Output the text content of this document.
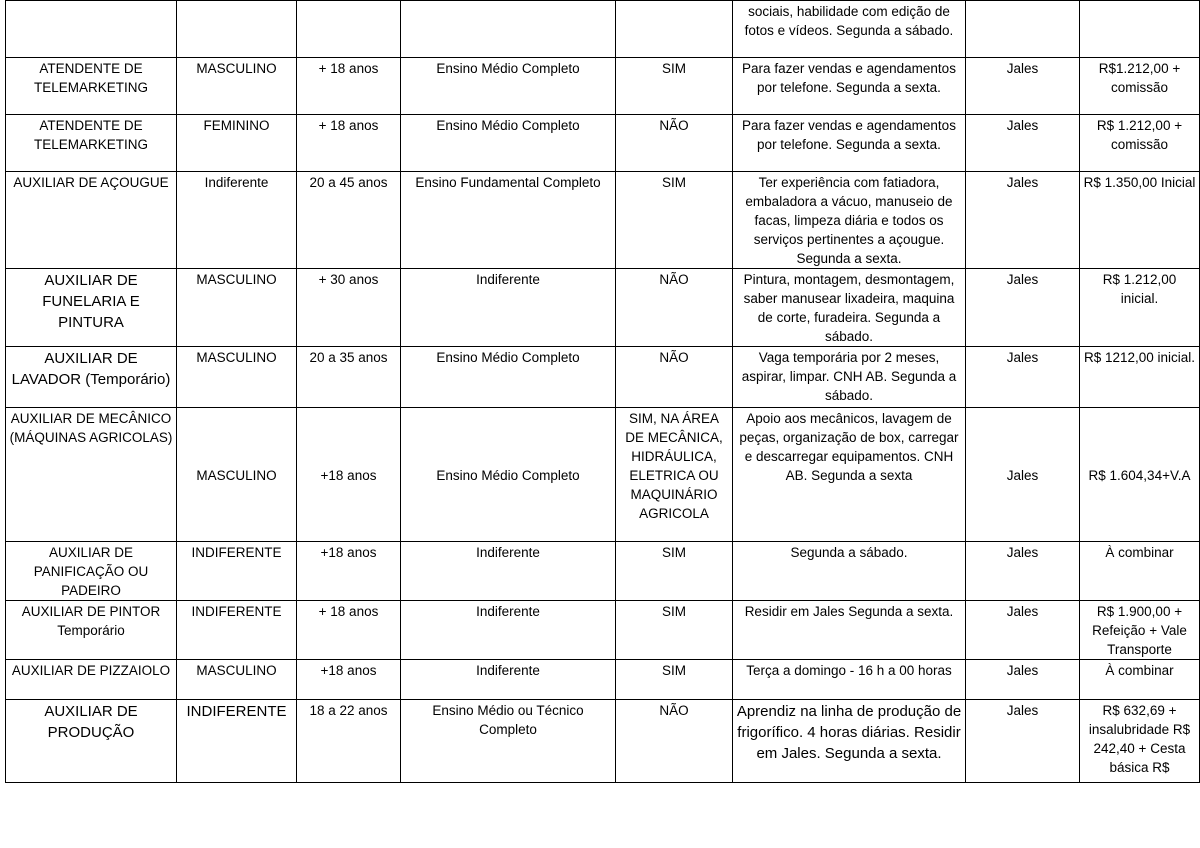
					sociais, habilidade com edição de fotos e vídeos. Segunda a sábado.		
ATENDENTE DE TELEMARKETING	MASCULINO	+ 18 anos	Ensino Médio Completo	SIM	Para fazer vendas e agendamentos por telefone. Segunda a sexta.	Jales	R$1.212,00 + comissão
ATENDENTE DE TELEMARKETING	FEMININO	+ 18 anos	Ensino Médio Completo	NÃO	Para fazer vendas e agendamentos por telefone. Segunda a sexta.	Jales	R$ 1.212,00 + comissão
AUXILIAR DE AÇOUGUE	Indiferente	20 a 45 anos	Ensino Fundamental Completo	SIM	Ter experiência com fatiadora, embaladora a vácuo, manuseio de facas, limpeza diária e todos os serviços pertinentes a açougue. Segunda a sexta.	Jales	R$ 1.350,00 Inicial
AUXILIAR DE FUNELARIA E PINTURA	MASCULINO	+ 30 anos	Indiferente	NÃO	Pintura, montagem, desmontagem, saber manusear lixadeira, maquina de corte, furadeira. Segunda a sábado.	Jales	R$ 1.212,00 inicial.
AUXILIAR DE LAVADOR (Temporário)	MASCULINO	20 a 35 anos	Ensino Médio Completo	NÃO	Vaga temporária por 2 meses, aspirar, limpar. CNH AB. Segunda a sábado.	Jales	R$ 1212,00 inicial.
AUXILIAR DE MECÂNICO (MÁQUINAS AGRICOLAS)	MASCULINO	+18 anos	Ensino Médio Completo	SIM, NA ÁREA DE MECÂNICA, HIDRÁULICA, ELETRICA OU MAQUINÁRIO AGRICOLA	Apoio aos mecânicos, lavagem de peças, organização de box, carregar e descarregar equipamentos. CNH AB. Segunda a sexta	Jales	R$ 1.604,34+V.A
AUXILIAR DE PANIFICAÇÃO OU PADEIRO	INDIFERENTE	+18 anos	Indiferente	SIM	Segunda a sábado.	Jales	À combinar
AUXILIAR DE PINTOR Temporário	INDIFERENTE	+ 18 anos	Indiferente	SIM	Residir em Jales Segunda a sexta.	Jales	R$ 1.900,00 + Refeição + Vale Transporte
AUXILIAR DE PIZZAIOLO	MASCULINO	+18 anos	Indiferente	SIM	Terça a domingo - 16 h a 00 horas	Jales	À combinar
AUXILIAR DE PRODUÇÃO	INDIFERENTE	18 a 22 anos	Ensino Médio ou Técnico Completo	NÃO	Aprendiz na linha de produção de frigorífico. 4 horas diárias. Residir em Jales. Segunda a sexta.	Jales	R$ 632,69 + insalubridade R$ 242,40 + Cesta básica R$
